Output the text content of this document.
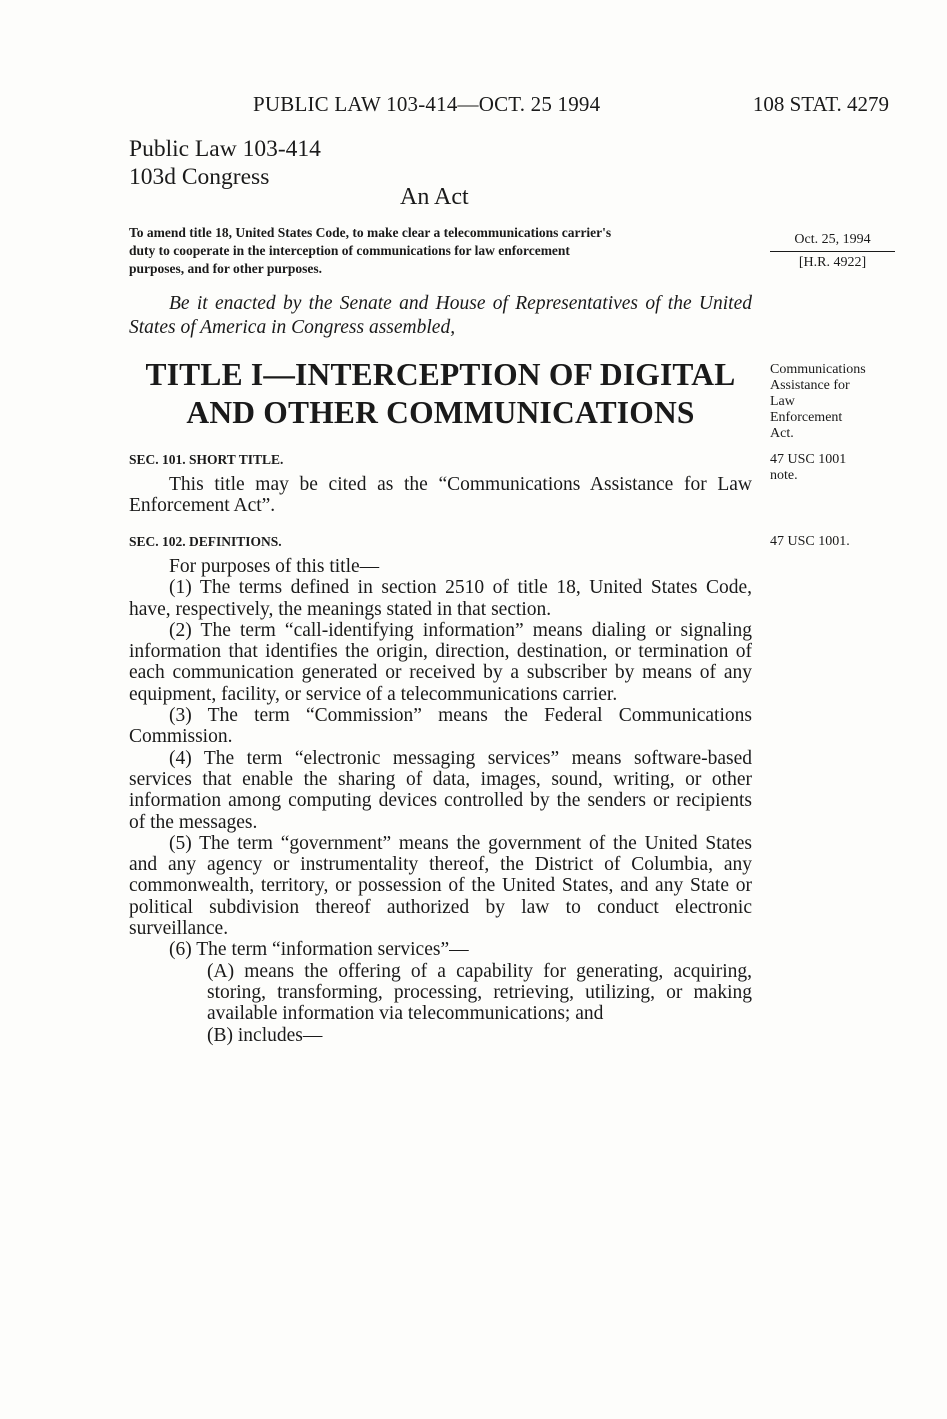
PUBLIC LAW 103-414—OCT. 25 1994	108 STAT. 4279
Public Law 103-414
103d Congress
An Act
To amend title 18, United States Code, to make clear a telecommunications carrier's
duty to cooperate in the interception of communications for law enforcement
purposes, and for other purposes.
Oct. 25, 1994
[H.R. 4922]
Be it enacted by the Senate and House of Representatives of the United States of America in Congress assembled,
TITLE I—INTERCEPTION OF DIGITAL
AND OTHER COMMUNICATIONS
Communications
Assistance for
Law
Enforcement
Act.
SEC. 101. SHORT TITLE.	47 USC 1001
note.

This title may be cited as the “Communications Assistance for Law Enforcement Act”.

SEC. 102. DEFINITIONS.	47 USC 1001.

For purposes of this title—

(1) The terms defined in section 2510 of title 18, United States Code, have, respectively, the meanings stated in that section.

(2) The term “call-identifying information” means dialing or signaling information that identifies the origin, direction, destination, or termination of each communication generated or received by a subscriber by means of any equipment, facility, or service of a telecommunications carrier.

(3) The term “Commission” means the Federal Communications Commission.

(4) The term “electronic messaging services” means software-based services that enable the sharing of data, images, sound, writing, or other information among computing devices controlled by the senders or recipients of the messages.

(5) The term “government” means the government of the United States and any agency or instrumentality thereof, the District of Columbia, any commonwealth, territory, or possession of the United States, and any State or political subdivision thereof authorized by law to conduct electronic surveillance.

(6) The term “information services”—

(A) means the offering of a capability for generating, acquiring, storing, transforming, processing, retrieving, utilizing, or making available information via telecommunications; and

(B) includes—
